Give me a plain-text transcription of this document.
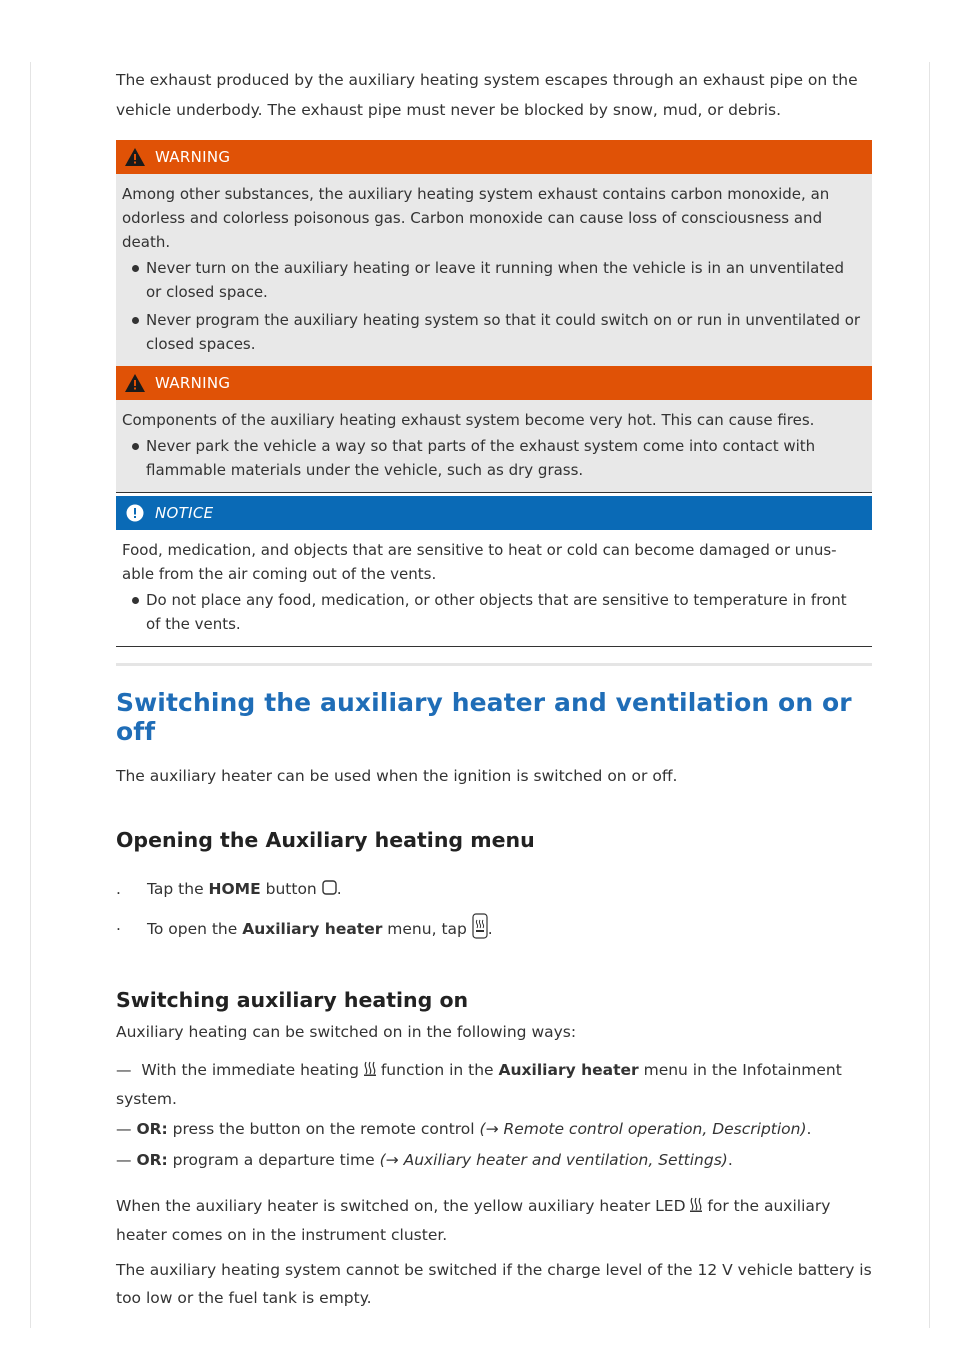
The exhaust produced by the auxiliary heating system escapes through an exhaust pipe on the vehicle underbody. The exhaust pipe must never be blocked by snow, mud, or debris.

WARNING

Among other substances, the auxiliary heating system exhaust contains carbon monoxide, an odorless and colorless poisonous gas. Carbon monoxide can cause loss of consciousness and death.

Never turn on the auxiliary heating or leave it running when the vehicle is in an unventilated or closed space.
Never program the auxiliary heating system so that it could switch on or run in unventilated or closed spaces.
WARNING

Components of the auxiliary heating exhaust system become very hot. This can cause fires.

Never park the vehicle a way so that parts of the exhaust system come into contact with flammable materials under the vehicle, such as dry grass.
NOTICE

Food, medication, and objects that are sensitive to heat or cold can become damaged or unus- able from the air coming out of the vents.

Do not place any food, medication, or other objects that are sensitive to temperature in front of the vents.
Switching the auxiliary heater and ventilation on or off

The auxiliary heater can be used when the ignition is switched on or off.

Opening the Auxiliary heating menu
. Tap the HOME button .
. To open the Auxiliary heater menu, tap .
Switching auxiliary heating on

Auxiliary heating can be switched on in the following ways:

— With the immediate heating  function in the Auxiliary heater menu in the Infotainment system.
— OR: press the button on the remote control (→ Remote control operation, Description).
— OR: program a departure time (→ Auxiliary heater and ventilation, Settings).

When the auxiliary heater is switched on, the yellow auxiliary heater LED  for the auxiliary heater comes on in the instrument cluster.

The auxiliary heating system cannot be switched if the charge level of the 12 V vehicle battery is too low or the fuel tank is empty.
